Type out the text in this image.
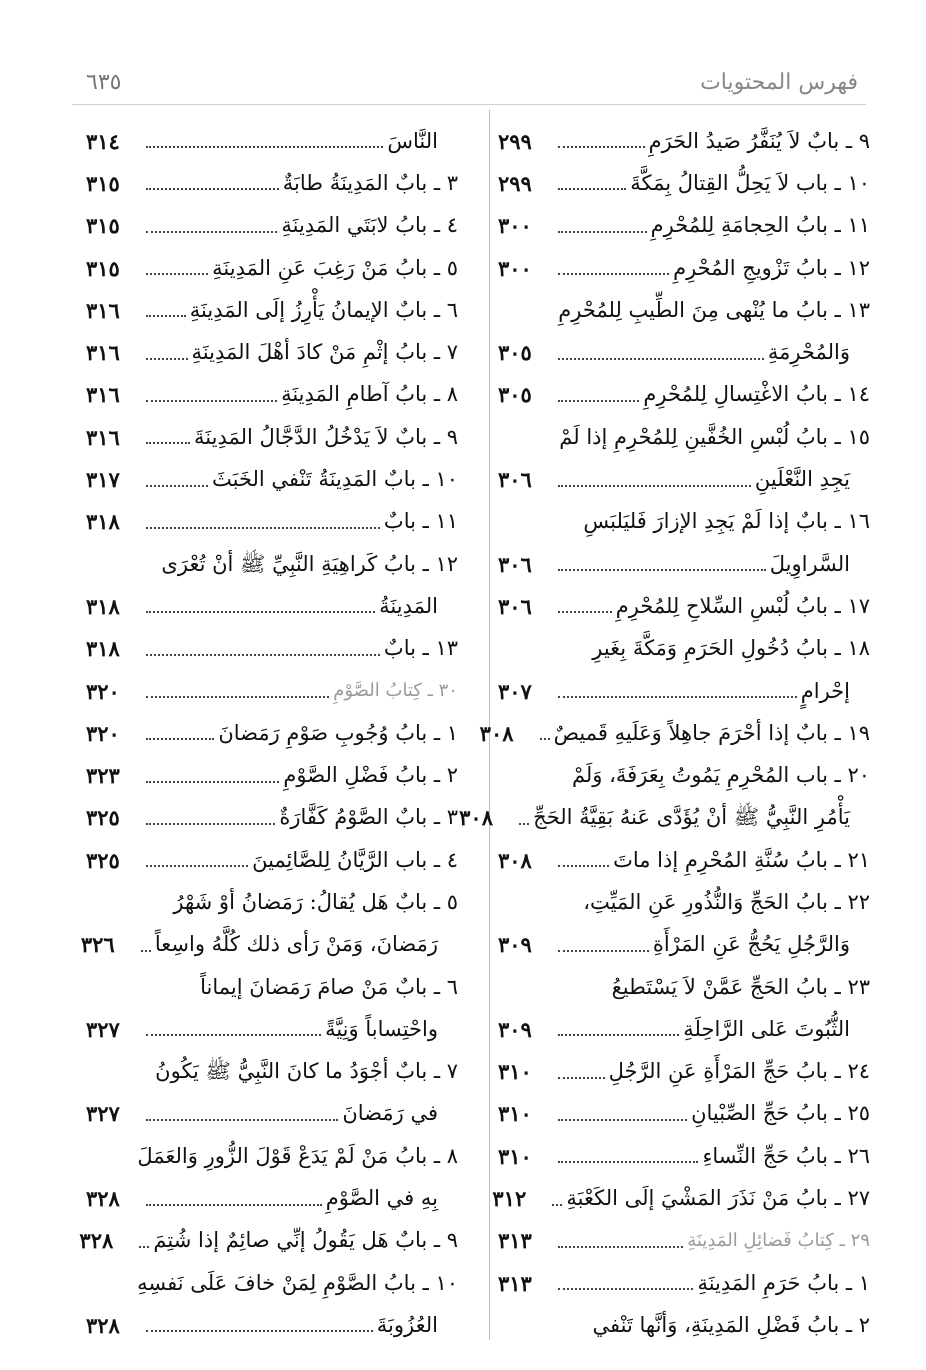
٦٣٥	فهرس المحتويات
٩ ـ بابٌ لاَ يُنَفَّرُ صَيدُ الحَرَمِ
٢٩٩
١٠ ـ باب لاَ يَحِلُّ القِتالُ بِمَكَّةَ
٢٩٩
١١ ـ بابُ الحِجامَةِ لِلمُحْرِمِ
٣٠٠
١٢ ـ بابُ تَزْويجِ المُحْرِمِ
٣٠٠
١٣ ـ بابُ ما يُنْهى مِنَ الطِّيبِ لِلمُحْرِمِ
وَالمُحْرِمَةِ
٣٠٥
١٤ ـ بابُ الاغْتِسالِ لِلمُحْرِمِ
٣٠٥
١٥ ـ بابُ لُبْسِ الخُفَّينِ لِلمُحْرِمِ إذا لَمْ
يَجِدِ النَّعْلَينِ
٣٠٦
١٦ ـ بابٌ إذا لَمْ يَجِدِ الإزارَ فَليَلبَسِ
السَّراوِيلَ
٣٠٦
١٧ ـ بابُ لُبْسِ السِّلاحِ لِلمُحْرِمِ
٣٠٦
١٨ ـ بابُ دُخُولِ الحَرَمِ وَمَكَّةَ بِغَيرِ
إحْرامٍ
٣٠٧
١٩ ـ بابٌ إذا أحْرَمَ جاهِلاً وَعَلَيهِ قَميصٌ
٣٠٨
٢٠ ـ باب المُحْرِمِ يَمُوتُ بِعَرَفَةَ، وَلَمْ
يَأْمُرِ النَّبِيُّ ﷺ أنْ يُؤَدَّى عَنهُ بَقِيَّةُ الحَجِّ
٣٠٨
٢١ ـ بابُ سُنَّةِ المُحْرِمِ إذا ماتَ
٣٠٨
٢٢ ـ بابُ الحَجِّ وَالنُّذُورِ عَنِ المَيِّتِ،
وَالرَّجُلِ يَحُجُّ عَنِ المَرْأَةِ
٣٠٩
٢٣ ـ بابُ الحَجِّ عَمَّنْ لاَ يَسْتَطيعُ
الثُّبُوتَ عَلى الرَّاحِلَةِ
٣٠٩
٢٤ ـ بابُ حَجِّ المَرْأَةِ عَنِ الرَّجُلِ
٣١٠
٢٥ ـ بابُ حَجِّ الصِّبْيانِ
٣١٠
٢٦ ـ بابُ حَجِّ النِّساءِ
٣١٠
٢٧ ـ بابُ مَنْ نَذَرَ المَشْيَ إلَى الكَعْبَةِ
٣١٢
٢٩ ـ كِتابُ فَضائِلِ المَدِينَةِ
٣١٣
١ ـ بابُ حَرَمِ المَدِينَةِ
٣١٣
٢ ـ بابُ فَضْلِ المَدِينَةِ، وَأنَّها تَنْفي
النَّاسَ
٣١٤
٣ ـ بابٌ المَدِينَةُ طابَةٌ
٣١٥
٤ ـ بابُ لابَتَي المَدِينَةِ
٣١٥
٥ ـ بابُ مَنْ رَغِبَ عَنِ المَدِينَةِ
٣١٥
٦ ـ بابٌ الإيمانُ يَأْرِزُ إلَى المَدِينَةِ
٣١٦
٧ ـ بابُ إثْمِ مَنْ كادَ أهْلَ المَدِينَةِ
٣١٦
٨ ـ بابُ آطامِ المَدِينَةِ
٣١٦
٩ ـ بابٌ لاَ يَدْخُلُ الدَّجَّالُ المَدِينَةَ
٣١٦
١٠ ـ بابٌ المَدِينَةُ تَنْفي الخَبَثَ
٣١٧
١١ ـ بابٌ
٣١٨
١٢ ـ بابُ كَراهِيَةِ النَّبِيِّ ﷺ أنْ تُعْرَى
المَدِينَةُ
٣١٨
١٣ ـ بابٌ
٣١٨
٣٠ ـ كِتابُ الصَّوْمِ
٣٢٠
١ ـ بابُ وُجُوبِ صَوْمِ رَمَضانَ
٣٢٠
٢ ـ بابُ فَضْلِ الصَّوْمِ
٣٢٣
٣ ـ بابٌ الصَّوْمُ كَفَّارَةٌ
٣٢٥
٤ ـ باب الرَّيَّانُ لِلصَّائِمينَ
٣٢٥
٥ ـ بابٌ هَل يُقالُ: رَمَضانُ أوْ شَهْرُ
رَمَضانَ، وَمَنْ رَأى ذلك كُلَّهُ واسِعاً
٣٢٦
٦ ـ بابٌ مَنْ صامَ رَمَضانَ إيماناً
واحْتِساباً وَنِيَّةً
٣٢٧
٧ ـ بابٌ أجْوَدُ ما كانَ النَّبِيُّ ﷺ يَكُونُ
في رَمَضانَ
٣٢٧
٨ ـ بابُ مَنْ لَمْ يَدَعْ قَوْلَ الزُّورِ وَالعَمَلَ
بِهِ في الصَّوْمِ
٣٢٨
٩ ـ بابٌ هَل يَقُولُ إنِّي صائِمٌ إذا شُتِمَ
٣٢٨
١٠ ـ بابُ الصَّوْمِ لِمَنْ خافَ عَلَى نَفسِهِ
العُزُوبَةَ
٣٢٨
